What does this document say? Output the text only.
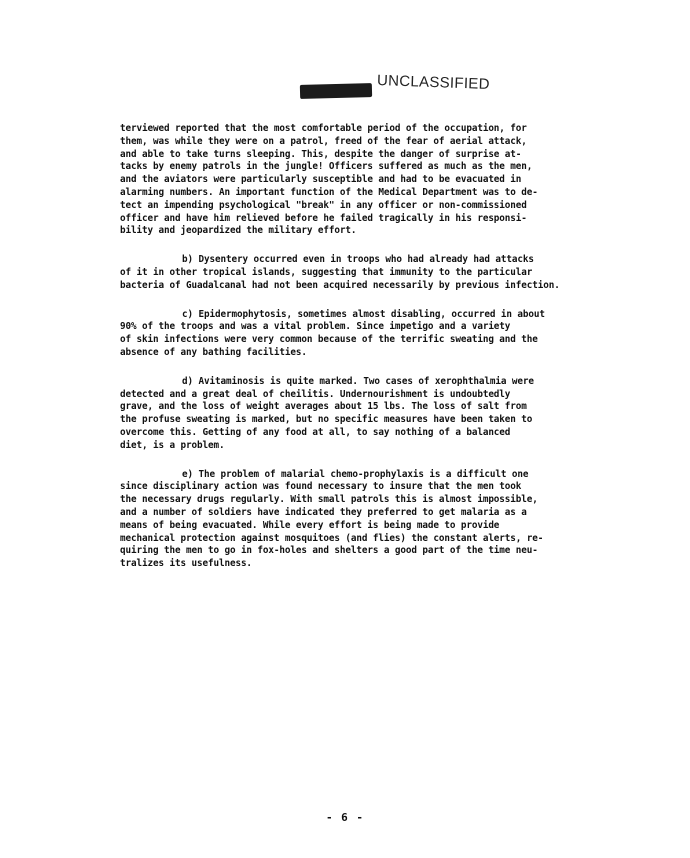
UNCLASSIFIED
terviewed reported that the most comfortable period of the occupation, for
them, was while they were on a patrol, freed of the fear of aerial attack,
and able to take turns sleeping. This, despite the danger of surprise at-
tacks by enemy patrols in the jungle! Officers suffered as much as the men,
and the aviators were particularly susceptible and had to be evacuated in
alarming numbers. An important function of the Medical Department was to de-
tect an impending psychological "break" in any officer or non-commissioned
officer and have him relieved before he failed tragically in his responsi-
bility and jeopardized the military effort.
b) Dysentery occurred even in troops who had already had attacks
of it in other tropical islands, suggesting that immunity to the particular
bacteria of Guadalcanal had not been acquired necessarily by previous infection.
c) Epidermophytosis, sometimes almost disabling, occurred in about
90% of the troops and was a vital problem. Since impetigo and a variety
of skin infections were very common because of the terrific sweating and the
absence of any bathing facilities.
d) Avitaminosis is quite marked. Two cases of xerophthalmia were
detected and a great deal of cheilitis. Undernourishment is undoubtedly
grave, and the loss of weight averages about 15 lbs. The loss of salt from
the profuse sweating is marked, but no specific measures have been taken to
overcome this. Getting of any food at all, to say nothing of a balanced
diet, is a problem.
e) The problem of malarial chemo-prophylaxis is a difficult one
since disciplinary action was found necessary to insure that the men took
the necessary drugs regularly. With small patrols this is almost impossible,
and a number of soldiers have indicated they preferred to get malaria as a
means of being evacuated. While every effort is being made to provide
mechanical protection against mosquitoes (and flies) the constant alerts, re-
quiring the men to go in fox-holes and shelters a good part of the time neu-
tralizes its usefulness.
- 6 -
